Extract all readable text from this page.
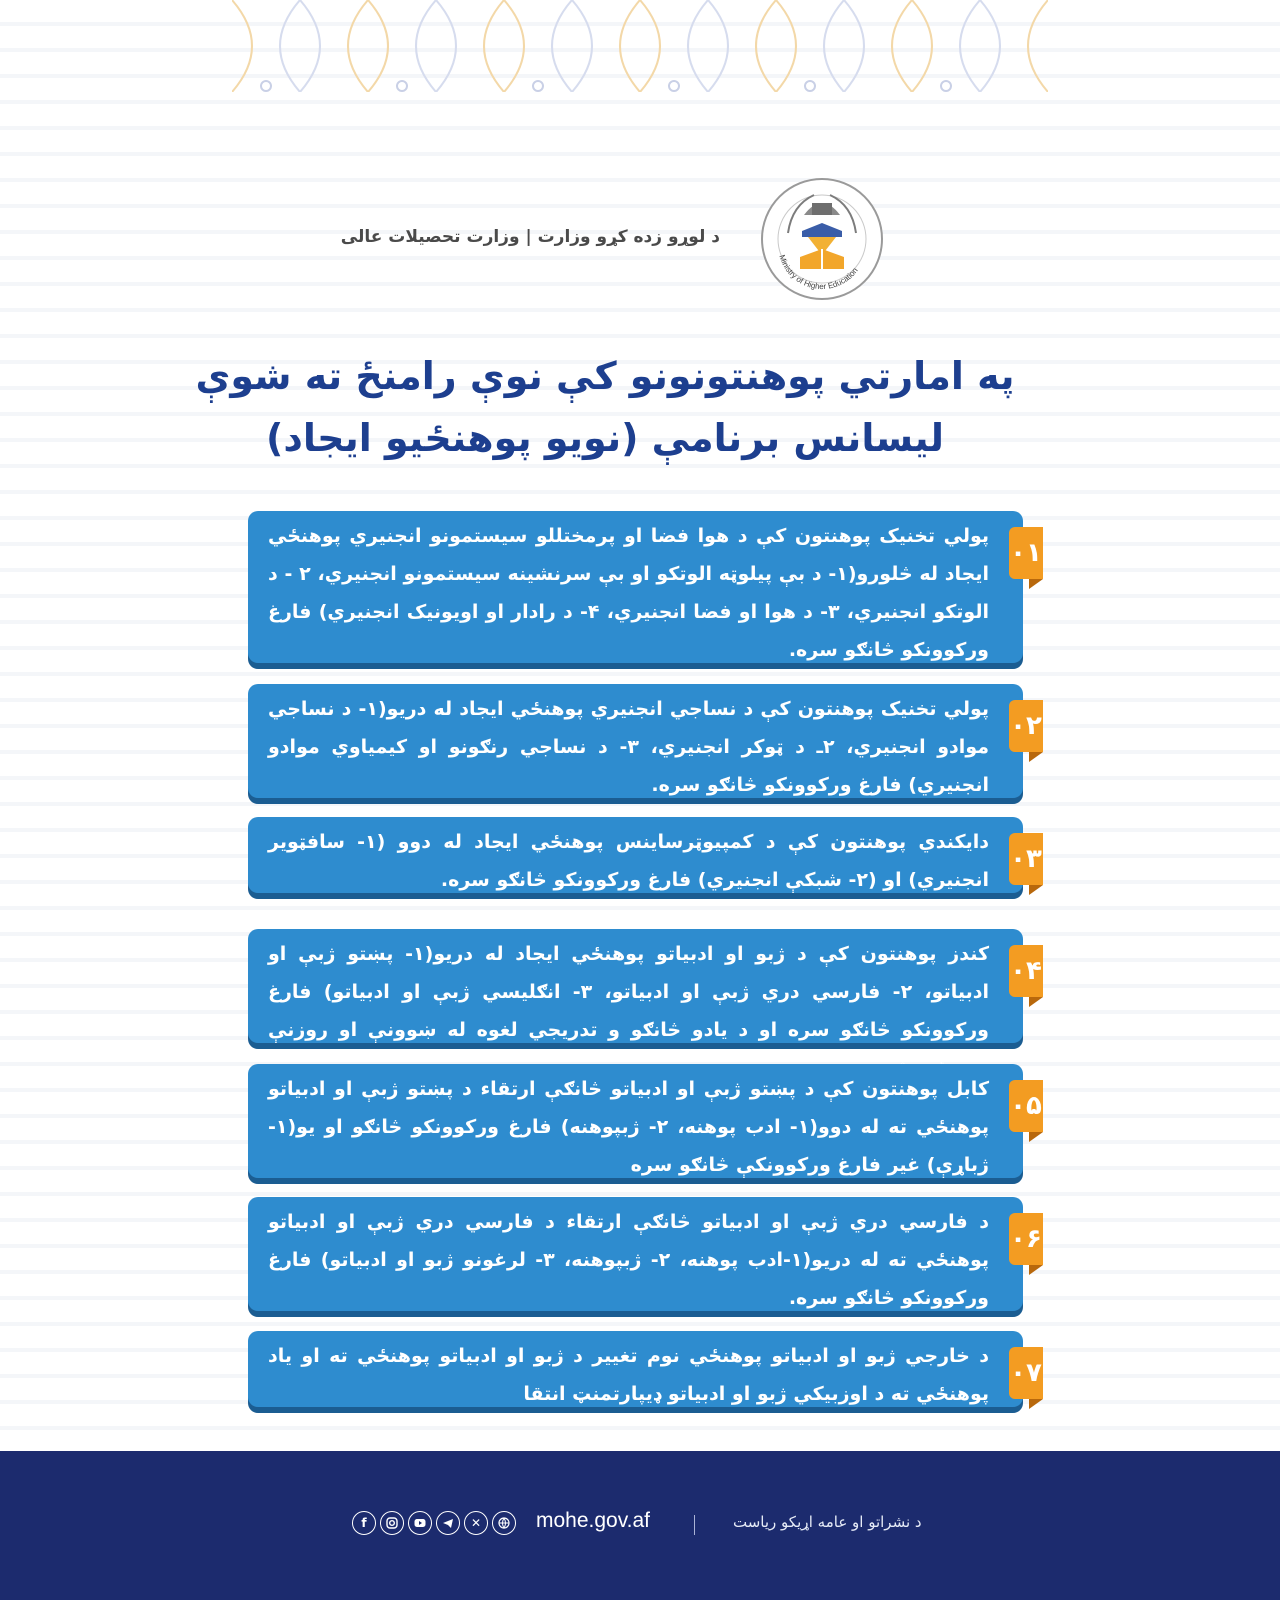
د لوړو زده کړو وزارت | وزارت تحصیلات عالی
Ministry of Higher Education
په امارتي پوهنتونونو کې نوې رامنځ ته شوې
لیسانس برنامې (نویو پوهنځیو ایجاد)
پولي تخنیک پوهنتون کې د هوا فضا او پرمختللو سیستمونو انجنیري پوهنځي ایجاد له څلورو(۱- د بې پیلوټه الوتکو او بې سرنشینه سیستمونو انجنیري، ۲ - د الوتکو انجنیري، ۳- د هوا او فضا انجنیري، ۴- د رادار او اویونیک انجنیري) فارغ ورکوونکو څانګو سره.
۰۱
پولي تخنیک پوهنتون کې د نساجي انجنیري پوهنځي ایجاد له دریو(۱- د نساجي موادو انجنیري، ۲ـ د ټوکر انجنیري، ۳- د نساجي رنګونو او کیمیاوي موادو انجنیري) فارغ ورکوونکو څانګو سره.
۰۲
دایکندي پوهنتون کې د کمپیوټرساینس پوهنځي ایجاد له دوو (۱- سافټویر انجنیري) او (۲- شبکې انجنیري) فارغ ورکوونکو څانګو سره.
۰۳
کندز پوهنتون کې د ژبو او ادبیاتو پوهنځي ایجاد له دریو(۱- پښتو ژبې او ادبیاتو، ۲- فارسي دري ژبې او ادبیاتو، ۳- انګلیسي ژبې او ادبیاتو) فارغ ورکوونکو څانګو سره او د یادو څانګو و تدریجي لغوه له ښوونې او روزنې
۰۴
کابل پوهنتون کې د پښتو ژبې او ادبیاتو څانګې ارتقاء د پښتو ژبې او ادبیاتو پوهنځي ته له دوو(۱- ادب پوهنه، ۲- ژبپوهنه) فارغ ورکوونکو څانګو او یو(۱- ژباړې) غیر فارغ ورکوونکې څانګو سره
۰۵
د فارسي دري ژبې او ادبیاتو څانګې ارتقاء د فارسي دري ژبې او ادبیاتو پوهنځي ته له دریو(۱-ادب پوهنه، ۲- ژبپوهنه، ۳- لرغونو ژبو او ادبیاتو) فارغ ورکوونکو څانګو سره.
۰۶
د خارجي ژبو او ادبیاتو پوهنځي نوم تغییر د ژبو او ادبیاتو پوهنځي ته او یاد پوهنځي ته د اوزبیکي ژبو او ادبیاتو ډیپارتمنټ انتقا
۰۷
f	✕	mohe.gov.af	د نشراتو او عامه اړیکو ریاست
